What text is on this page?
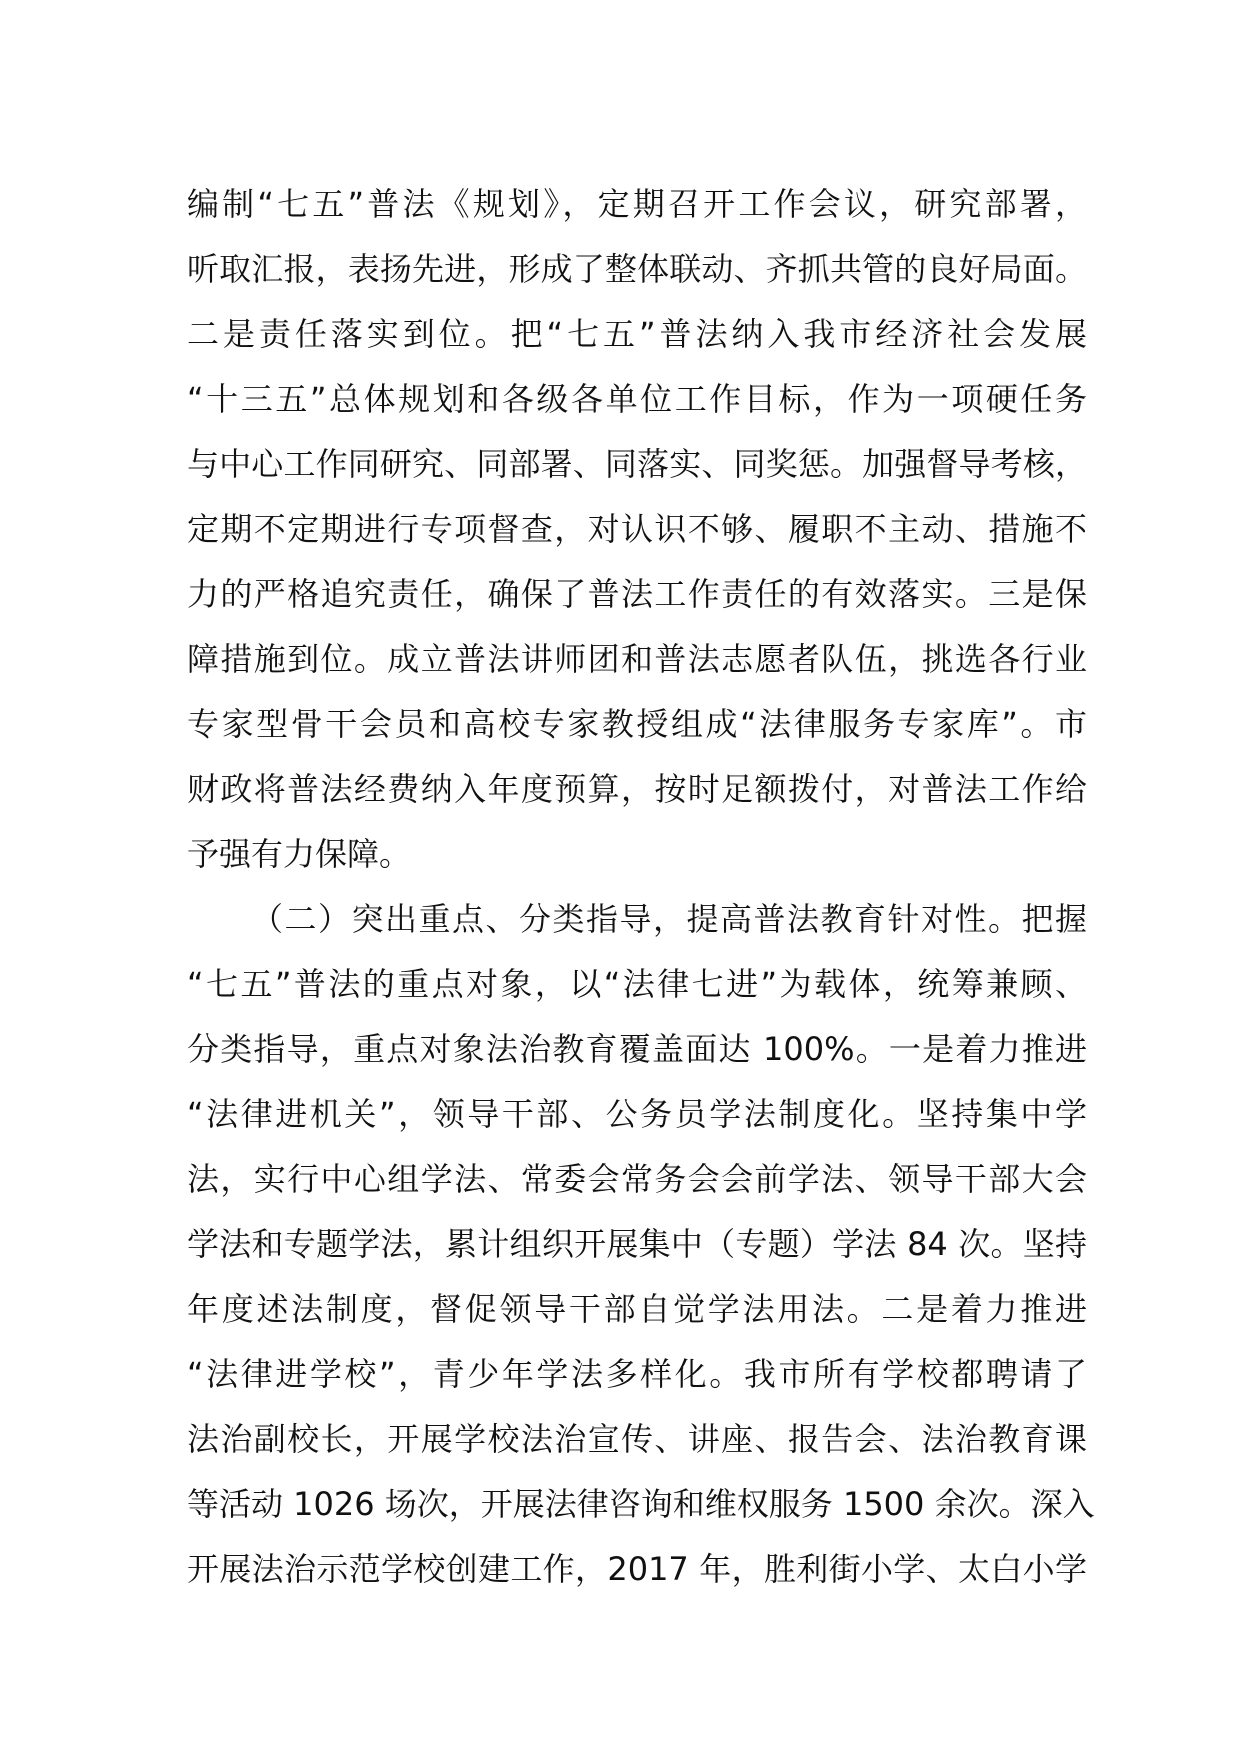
编制“七五”普法《规划》，定期召开工作会议，研究部署，
听取汇报，表扬先进，形成了整体联动、齐抓共管的良好局面。
二是责任落实到位。把“七五”普法纳入我市经济社会发展
“十三五”总体规划和各级各单位工作目标，作为一项硬任务
与中心工作同研究、同部署、同落实、同奖惩。加强督导考核，
定期不定期进行专项督查，对认识不够、履职不主动、措施不
力的严格追究责任，确保了普法工作责任的有效落实。三是保
障措施到位。成立普法讲师团和普法志愿者队伍，挑选各行业
专家型骨干会员和高校专家教授组成“法律服务专家库”。市
财政将普法经费纳入年度预算，按时足额拨付，对普法工作给
予强有力保障。
（二）突出重点、分类指导，提高普法教育针对性。把握
“七五”普法的重点对象，以“法律七进”为载体，统筹兼顾、
分类指导，重点对象法治教育覆盖面达 100%。一是着力推进
“法律进机关”，领导干部、公务员学法制度化。坚持集中学
法，实行中心组学法、常委会常务会会前学法、领导干部大会
学法和专题学法，累计组织开展集中（专题）学法 84 次。坚持
年度述法制度，督促领导干部自觉学法用法。二是着力推进
“法律进学校”，青少年学法多样化。我市所有学校都聘请了
法治副校长，开展学校法治宣传、讲座、报告会、法治教育课
等活动 1026 场次，开展法律咨询和维权服务 1500 余次。深入
开展法治示范学校创建工作，2017 年，胜利街小学、太白小学
